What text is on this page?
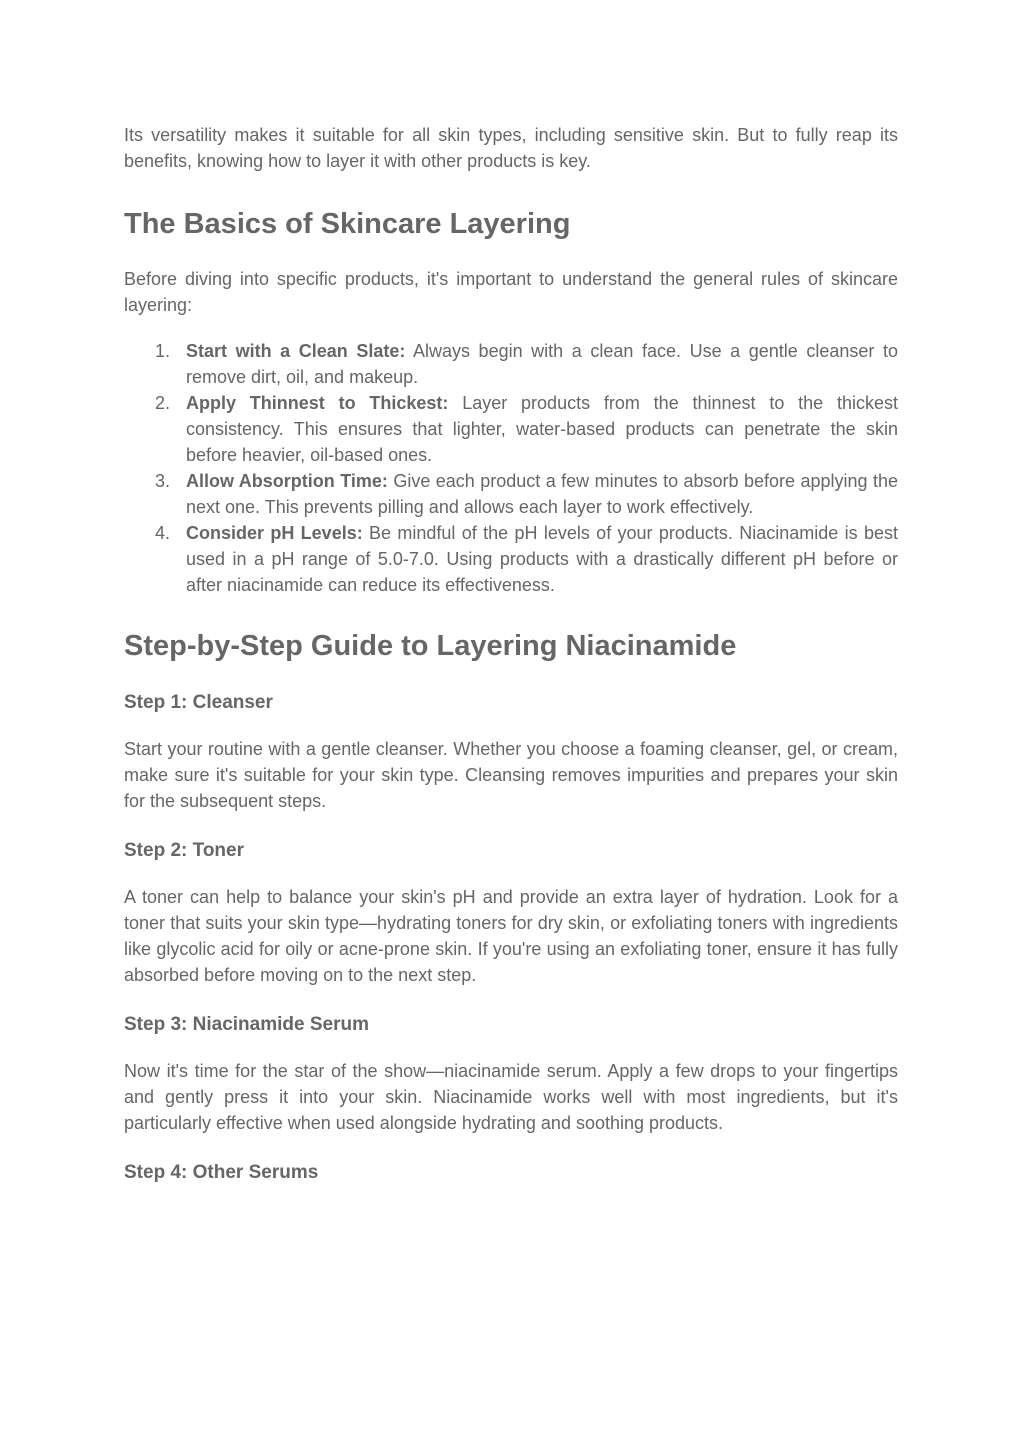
Its versatility makes it suitable for all skin types, including sensitive skin. But to fully reap its benefits, knowing how to layer it with other products is key.

The Basics of Skincare Layering

Before diving into specific products, it's important to understand the general rules of skincare layering:

1. Start with a Clean Slate: Always begin with a clean face. Use a gentle cleanser to remove dirt, oil, and makeup.
2. Apply Thinnest to Thickest: Layer products from the thinnest to the thickest consistency. This ensures that lighter, water-based products can penetrate the skin before heavier, oil-based ones.
3. Allow Absorption Time: Give each product a few minutes to absorb before applying the next one. This prevents pilling and allows each layer to work effectively.
4. Consider pH Levels: Be mindful of the pH levels of your products. Niacinamide is best used in a pH range of 5.0-7.0. Using products with a drastically different pH before or after niacinamide can reduce its effectiveness.
Step-by-Step Guide to Layering Niacinamide
Step 1: Cleanser

Start your routine with a gentle cleanser. Whether you choose a foaming cleanser, gel, or cream, make sure it's suitable for your skin type. Cleansing removes impurities and prepares your skin for the subsequent steps.

Step 2: Toner

A toner can help to balance your skin's pH and provide an extra layer of hydration. Look for a toner that suits your skin type—hydrating toners for dry skin, or exfoliating toners with ingredients like glycolic acid for oily or acne-prone skin. If you're using an exfoliating toner, ensure it has fully absorbed before moving on to the next step.

Step 3: Niacinamide Serum

Now it's time for the star of the show—niacinamide serum. Apply a few drops to your fingertips and gently press it into your skin. Niacinamide works well with most ingredients, but it's particularly effective when used alongside hydrating and soothing products.

Step 4: Other Serums
